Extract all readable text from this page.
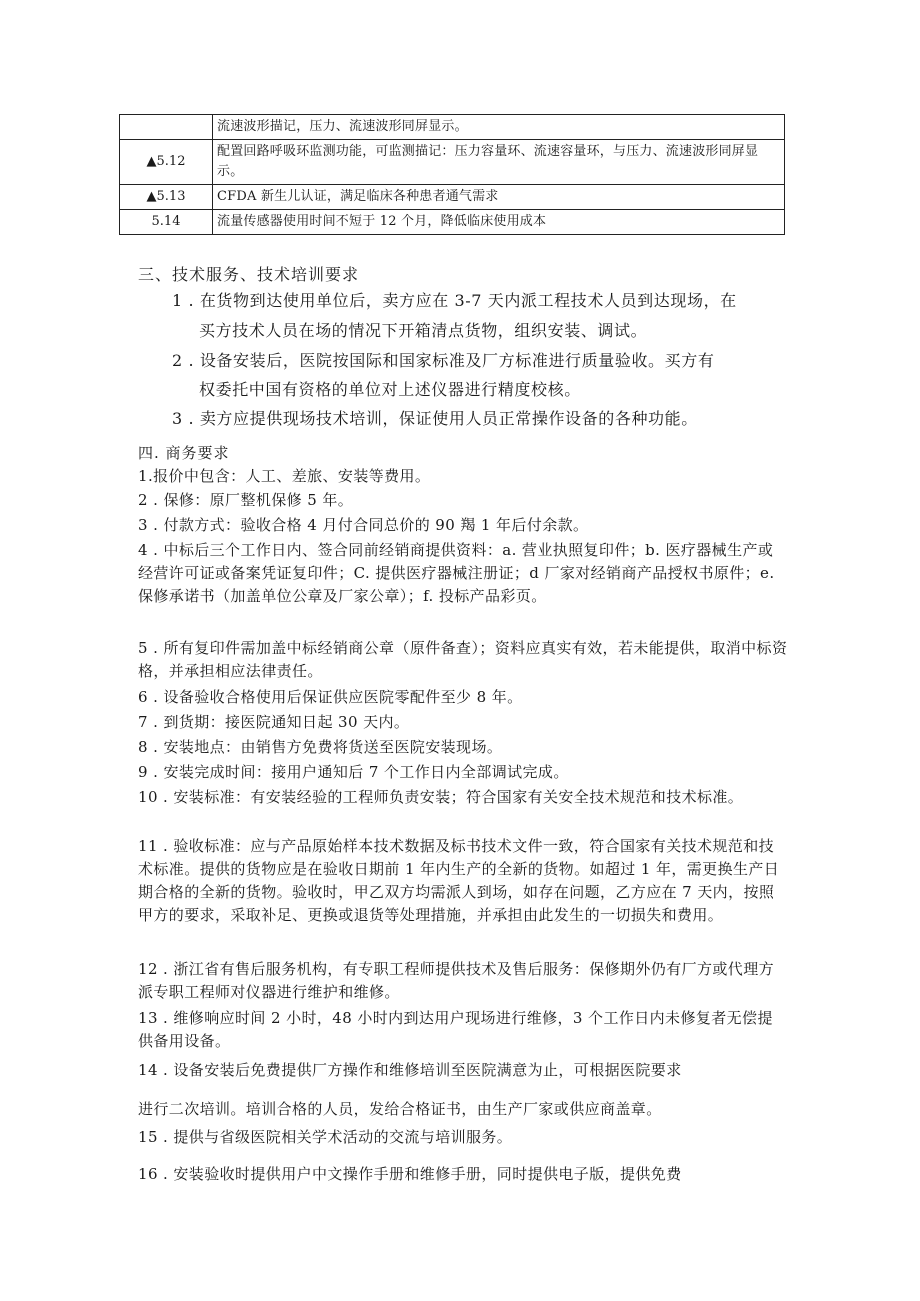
	流速波形描记，压力、流速波形同屏显示。
▲5.12	配置回路呼吸环监测功能，可监测描记：压力容量环、流速容量环，与压力、流速波形同屏显示。
▲5.13	CFDA 新生儿认证，满足临床各种患者通气需求
5.14	流量传感器使用时间不短于 12 个月，降低临床使用成本
三、技术服务、技术培训要求
1 . 在货物到达使用单位后，卖方应在 3-7 天内派工程技术人员到达现场，在
买方技术人员在场的情况下开箱清点货物，组织安装、调试。
2 . 设备安装后，医院按国际和国家标准及厂方标准进行质量验收。买方有
权委托中国有资格的单位对上述仪器进行精度校核。
3 . 卖方应提供现场技术培训，保证使用人员正常操作设备的各种功能。
四. 商务要求
1.报价中包含：人工、差旅、安装等费用。
2 . 保修：原厂整机保修 5 年。
3 . 付款方式：验收合格 4 月付合同总价的 90 羯 1 年后付余款。
4 . 中标后三个工作日内、签合同前经销商提供资料：a. 营业执照复印件；b. 医疗器械生产或经营许可证或备案凭证复印件；C. 提供医疗器械注册证；d 厂家对经销商产品授权书原件；e. 保修承诺书（加盖单位公章及厂家公章）；f. 投标产品彩页。
5 . 所有复印件需加盖中标经销商公章（原件备查）；资料应真实有效，若未能提供，取消中标资格，并承担相应法律责任。
6 . 设备验收合格使用后保证供应医院零配件至少 8 年。
7 . 到货期：接医院通知日起 30 天内。
8 . 安装地点：由销售方免费将货送至医院安装现场。
9 . 安装完成时间：接用户通知后 7 个工作日内全部调试完成。
10 . 安装标准：有安装经验的工程师负责安装；符合国家有关安全技术规范和技术标准。
11 . 验收标准：应与产品原始样本技术数据及标书技术文件一致，符合国家有关技术规范和技术标准。提供的货物应是在验收日期前 1 年内生产的全新的货物。如超过 1 年，需更换生产日期合格的全新的货物。验收时，甲乙双方均需派人到场，如存在问题，乙方应在 7 天内，按照甲方的要求，采取补足、更换或退货等处理措施，并承担由此发生的一切损失和费用。
12 . 浙江省有售后服务机构，有专职工程师提供技术及售后服务：保修期外仍有厂方或代理方派专职工程师对仪器进行维护和维修。
13 . 维修响应时间 2 小时，48 小时内到达用户现场进行维修，3 个工作日内未修复者无偿提供备用设备。
14 . 设备安装后免费提供厂方操作和维修培训至医院满意为止，可根据医院要求
进行二次培训。培训合格的人员，发给合格证书，由生产厂家或供应商盖章。
15 . 提供与省级医院相关学术活动的交流与培训服务。
16 . 安装验收时提供用户中文操作手册和维修手册，同时提供电子版，提供免费
